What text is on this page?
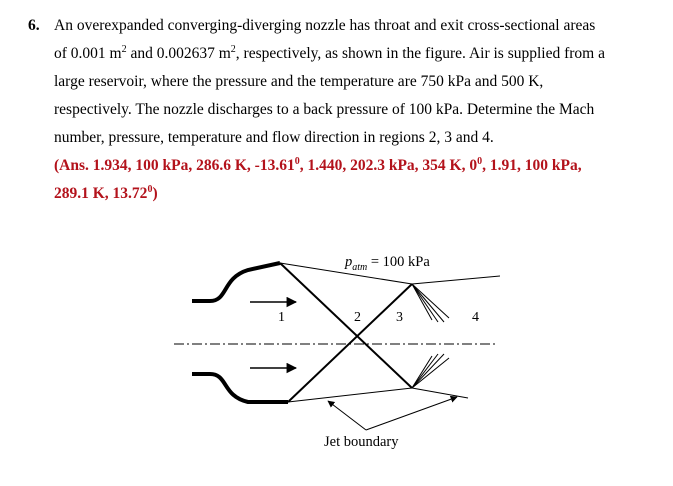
6. An overexpanded converging-diverging nozzle has throat and exit cross-sectional areas
of 0.001 $m^2$ and 0.002637 $m^2$, respectively, as shown in the figure. Air is supplied from a
large reservoir, where the pressure and the temperature are 750 kPa and 500 K,
respectively. The nozzle discharges to a back pressure of 100 kPa. Determine the Mach
number, pressure, temperature and flow direction in regions 2, 3 and 4.
(Ans. 1.934, 100 kPa, 286.6 K, -13.61$^0$, 1.440, 202.3 kPa, 354 K, $0^0$, 1.91, 100 kPa,
289.1 K, 13.72$^0$)
$p_{atm} = 100$ kPa
1	2	3	4
Jet boundary
